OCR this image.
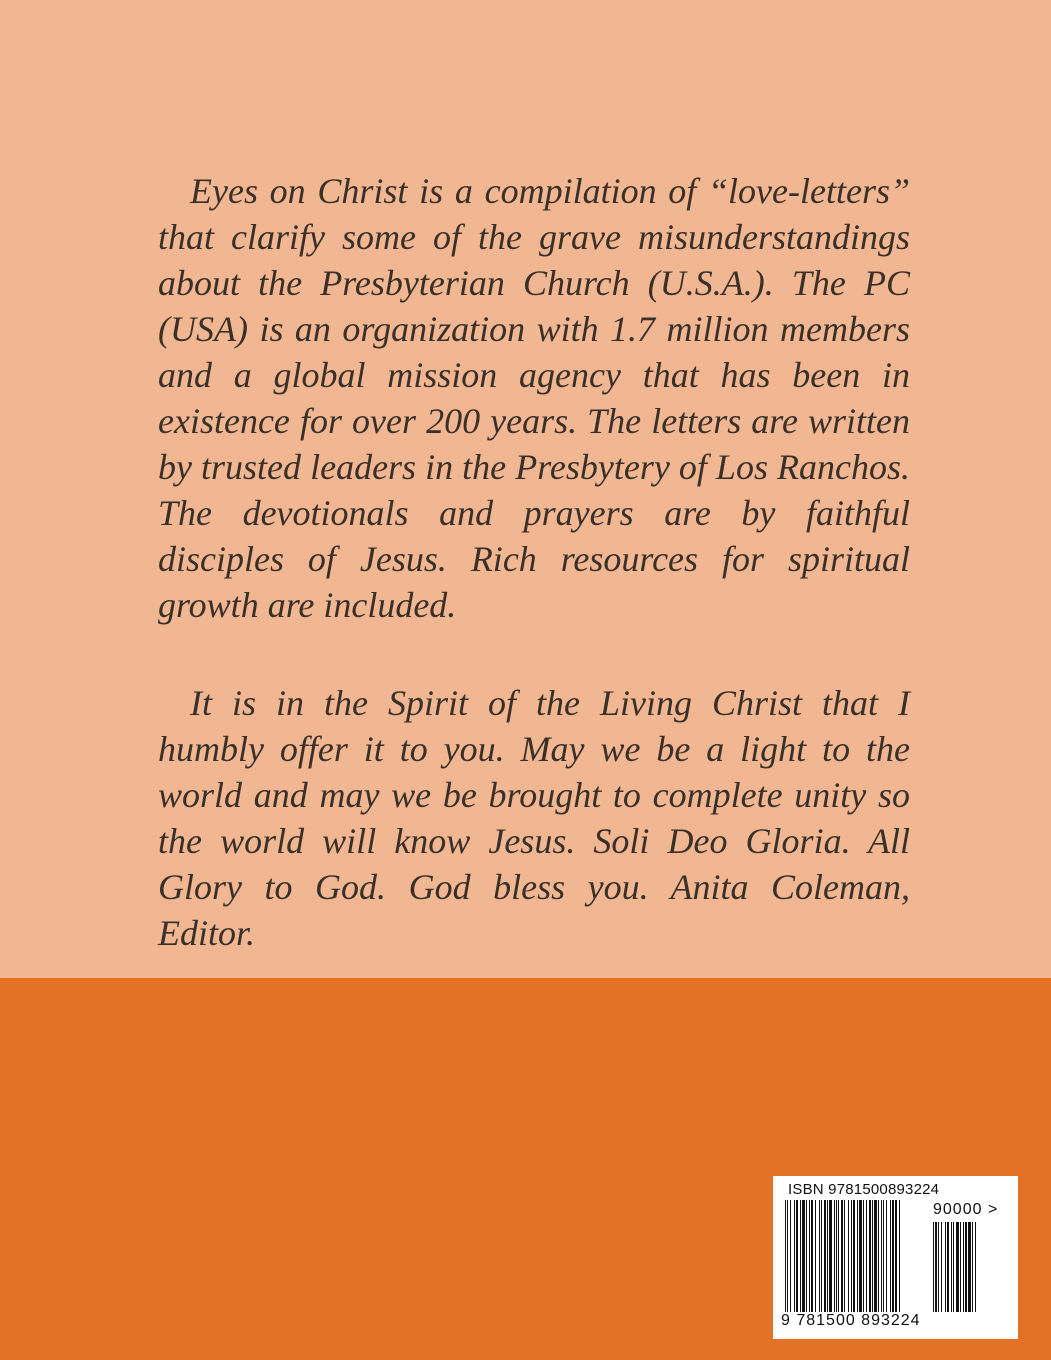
Eyes on Christ is a compilation of “love-letters” that clarify some of the grave misunderstandings about the Presbyterian Church (U.S.A.). The PC (USA) is an organization with 1.7 million members and a global mission agency that has been in existence for over 200 years. The letters are written by trusted leaders in the Presbytery of Los Ranchos. The devotionals and prayers are by faithful disciples of Jesus. Rich resources for spiritual growth are included.

It is in the Spirit of the Living Christ that I humbly offer it to you. May we be a light to the world and may we be brought to complete unity so the world will know Jesus. Soli Deo Gloria. All Glory to God. God bless you. Anita Coleman, Editor.

ISBN 9781500893224
90000 >
9 781500 893224
